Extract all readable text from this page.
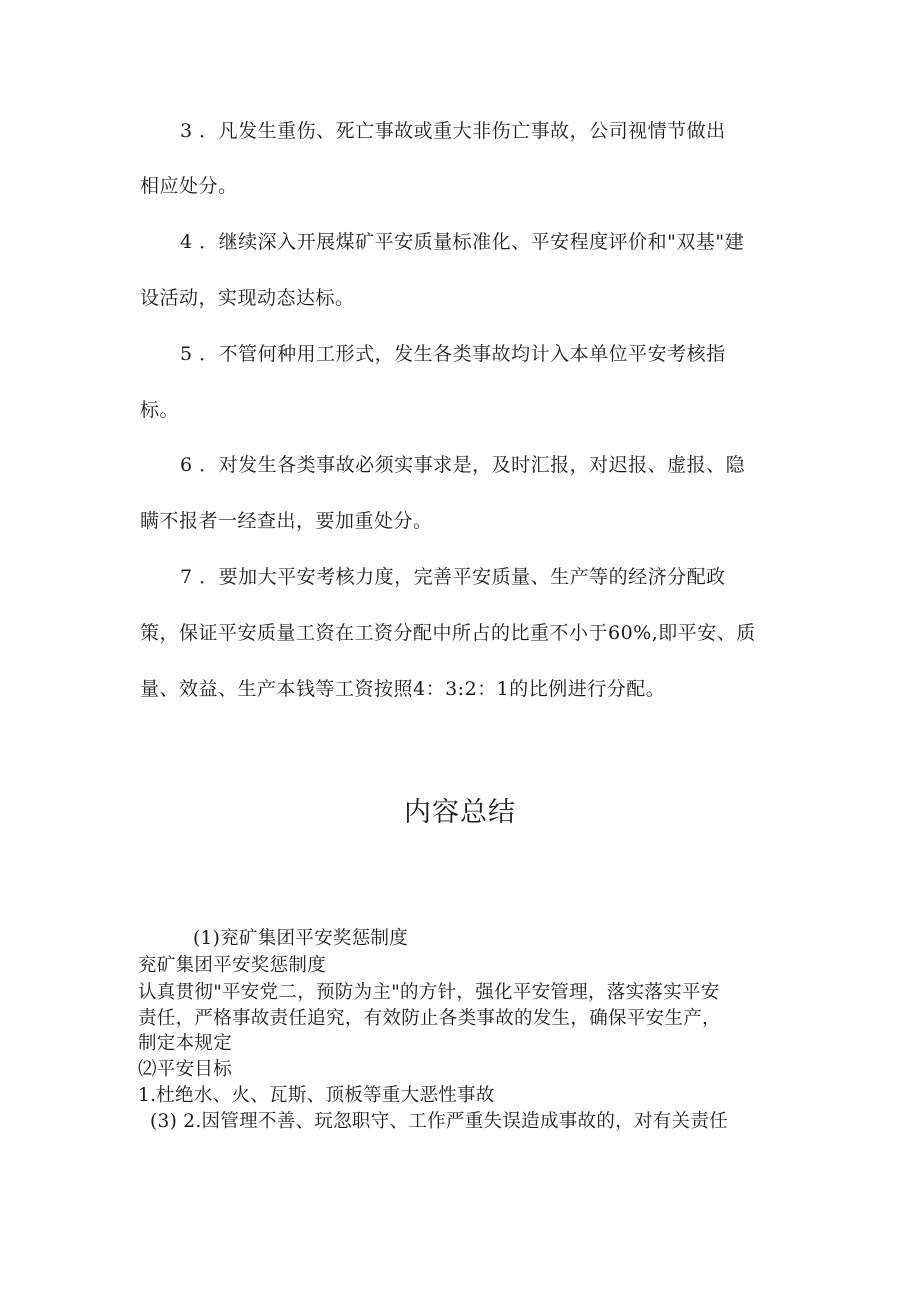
3 ．凡发生重伤、死亡事故或重大非伤亡事故，公司视情节做出
相应处分。
4 ．继续深入开展煤矿平安质量标准化、平安程度评价和"双基"建
设活动，实现动态达标。
5 ．不管何种用工形式，发生各类事故均计入本单位平安考核指
标。
6 ．对发生各类事故必须实事求是，及时汇报，对迟报、虚报、隐
瞒不报者一经查出，要加重处分。
7 ．要加大平安考核力度，完善平安质量、生产等的经济分配政
策，保证平安质量工资在工资分配中所占的比重不小于60%,即平安、质
量、效益、生产本钱等工资按照4：3:2：1的比例进行分配。
内容总结
(1)兖矿集团平安奖惩制度
兖矿集团平安奖惩制度
认真贯彻"平安党二，预防为主"的方针，强化平安管理，落实落实平安
责任，严格事故责任追究，有效防止各类事故的发生，确保平安生产，
制定本规定
⑵平安目标
1.杜绝水、火、瓦斯、顶板等重大恶性事故
(3) 2.因管理不善、玩忽职守、工作严重失误造成事故的，对有关责任
